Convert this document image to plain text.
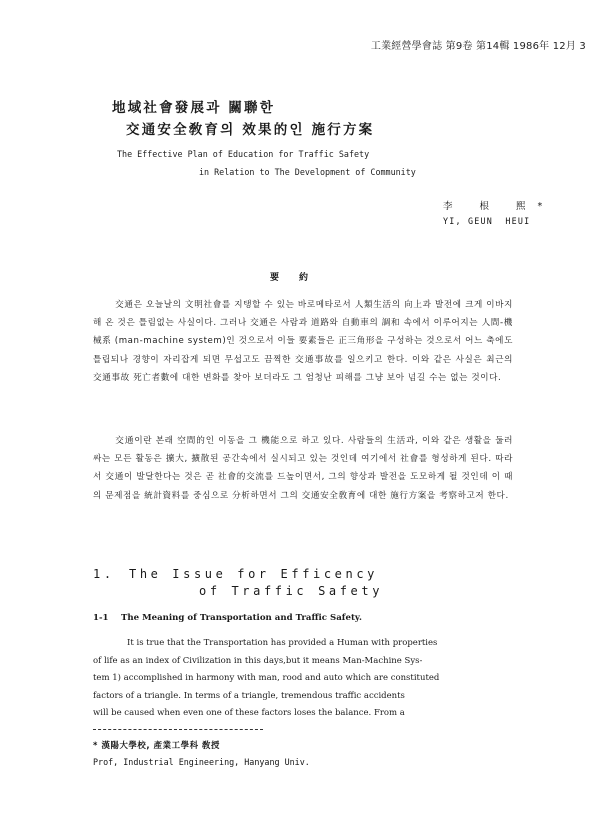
工業經營學會誌 第9卷 第14輯 1986年 12月 3
地域社會發展과 關聯한
交通安全敎育의 效果的인 施行方案
The Effective Plan of Education for Traffic Safety
in Relation to The Development of Community
李 根 熙*
YI, GEUN  HEUI
要約
交通은 오늘날의 文明社會를 지탱할 수 있는 바로메타로서 人類生活의 向上과 발전에 크게 이바지해 온 것은 틀림없는 사실이다. 그러나 交通은 사람과 道路와 自動車의 調和 속에서 이루어지는 人間-機械系 (man-machine system)인 것으로서 이들 要素들은 正三角形을 구성하는 것으로서 어느 축에도 틀립되나 경향이 자리잡게 되면 무섭고도 끔찍한 交通事故를 일으키고 한다. 이와 같은 사실은 최근의 交通事故 死亡者數에 대한 변화를 찾아 보더라도 그 엄청난 피해를 그냥 보아 넘길 수는 없는 것이다.
交通이란 본래 空間的인 이동을 그 機能으로 하고 있다. 사람들의 生活과, 이와 같은 생활을 둘러싸는 모든 활동은 擴大, 擴散된 공간속에서 실시되고 있는 것인데 여기에서 社會를 형성하게 된다. 따라서 交通이 발달한다는 것은 곧 社會的交流를 드높이면서, 그의 향상과 발전을 도모하게 될 것인데 이 때의 문제점을 統計資料를 중심으로 分析하면서 그의 交通安全敎育에 대한 施行方案을 考察하고저 한다.
1. The Issue for Efficency
of Traffic Safety
1-1 The Meaning of Transportation and Traffic Safety.
It is true that the Transportation has provided a Human with properties
of life as an index of Civilization in this days,but it means Man-Machine Sys-
tem 1) accomplished in harmony with man, rood and auto which are constituted
factors of a triangle. In terms of a triangle, tremendous traffic accidents
will be caused when even one of these factors loses the balance. From a
* 漢陽大學校, 產業工學科 敎授
Prof, Industrial Engineering, Hanyang Univ.
